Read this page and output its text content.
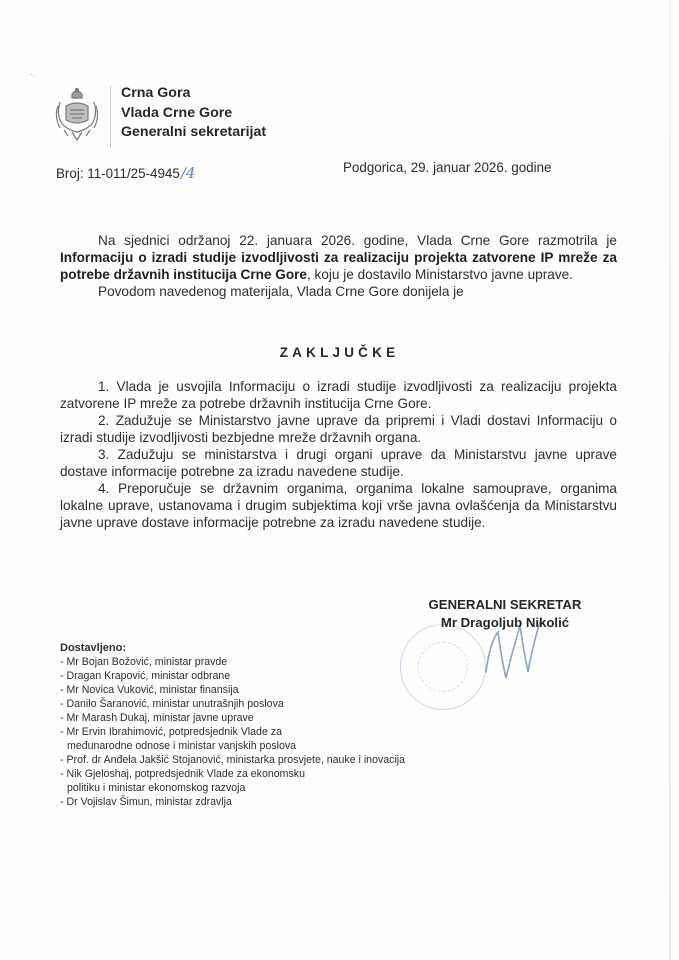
·.
Crna Gora
Vlada Crne Gore
Generalni sekretarijat
Broj: 11-011/25-4945/4	Podgorica, 29. januar 2026. godine

Na sjednici održanoj 22. januara 2026. godine, Vlada Crne Gore razmotrila je Informaciju o izradi studije izvodljivosti za realizaciju projekta zatvorene IP mreže za potrebe državnih institucija Crne Gore, koju je dostavilo Ministarstvo javne uprave.

Povodom navedenog materijala, Vlada Crne Gore donijela je

ZAKLJUČKE

1. Vlada je usvojila Informaciju o izradi studije izvodljivosti za realizaciju projekta zatvorene IP mreže za potrebe državnih institucija Crne Gore.

2. Zadužuje se Ministarstvo javne uprave da pripremi i Vladi dostavi Informaciju o izradi studije izvodljivosti bezbjedne mreže državnih organa.

3. Zadužuju se ministarstva i drugi organi uprave da Ministarstvu javne uprave dostave informacije potrebne za izradu navedene studije.

4. Preporučuje se državnim organima, organima lokalne samouprave, organima lokalne uprave, ustanovama i drugim subjektima koji vrše javna ovlašćenja da Ministarstvu javne uprave dostave informacije potrebne za izradu navedene studije.

GENERALNI SEKRETAR
Mr Dragoljub Nikolić
Dostavljeno:
- Mr Bojan Božović, ministar pravde
- Dragan Krapović, ministar odbrane
- Mr Novica Vuković, ministar finansija
- Danilo Šaranović, ministar unutrašnjih poslova
- Mr Marash Dukaj, ministar javne uprave
- Mr Ervin Ibrahimović, potpredsjednik Vlade za
međunarodne odnose i ministar vanjskih poslova
- Prof. dr Anđela Jakšić Stojanović, ministarka prosvjete, nauke i inovacija
- Nik Gjeloshaj, potpredsjednik Vlade za ekonomsku
politiku i ministar ekonomskog razvoja
- Dr Vojislav Šimun, ministar zdravlja
